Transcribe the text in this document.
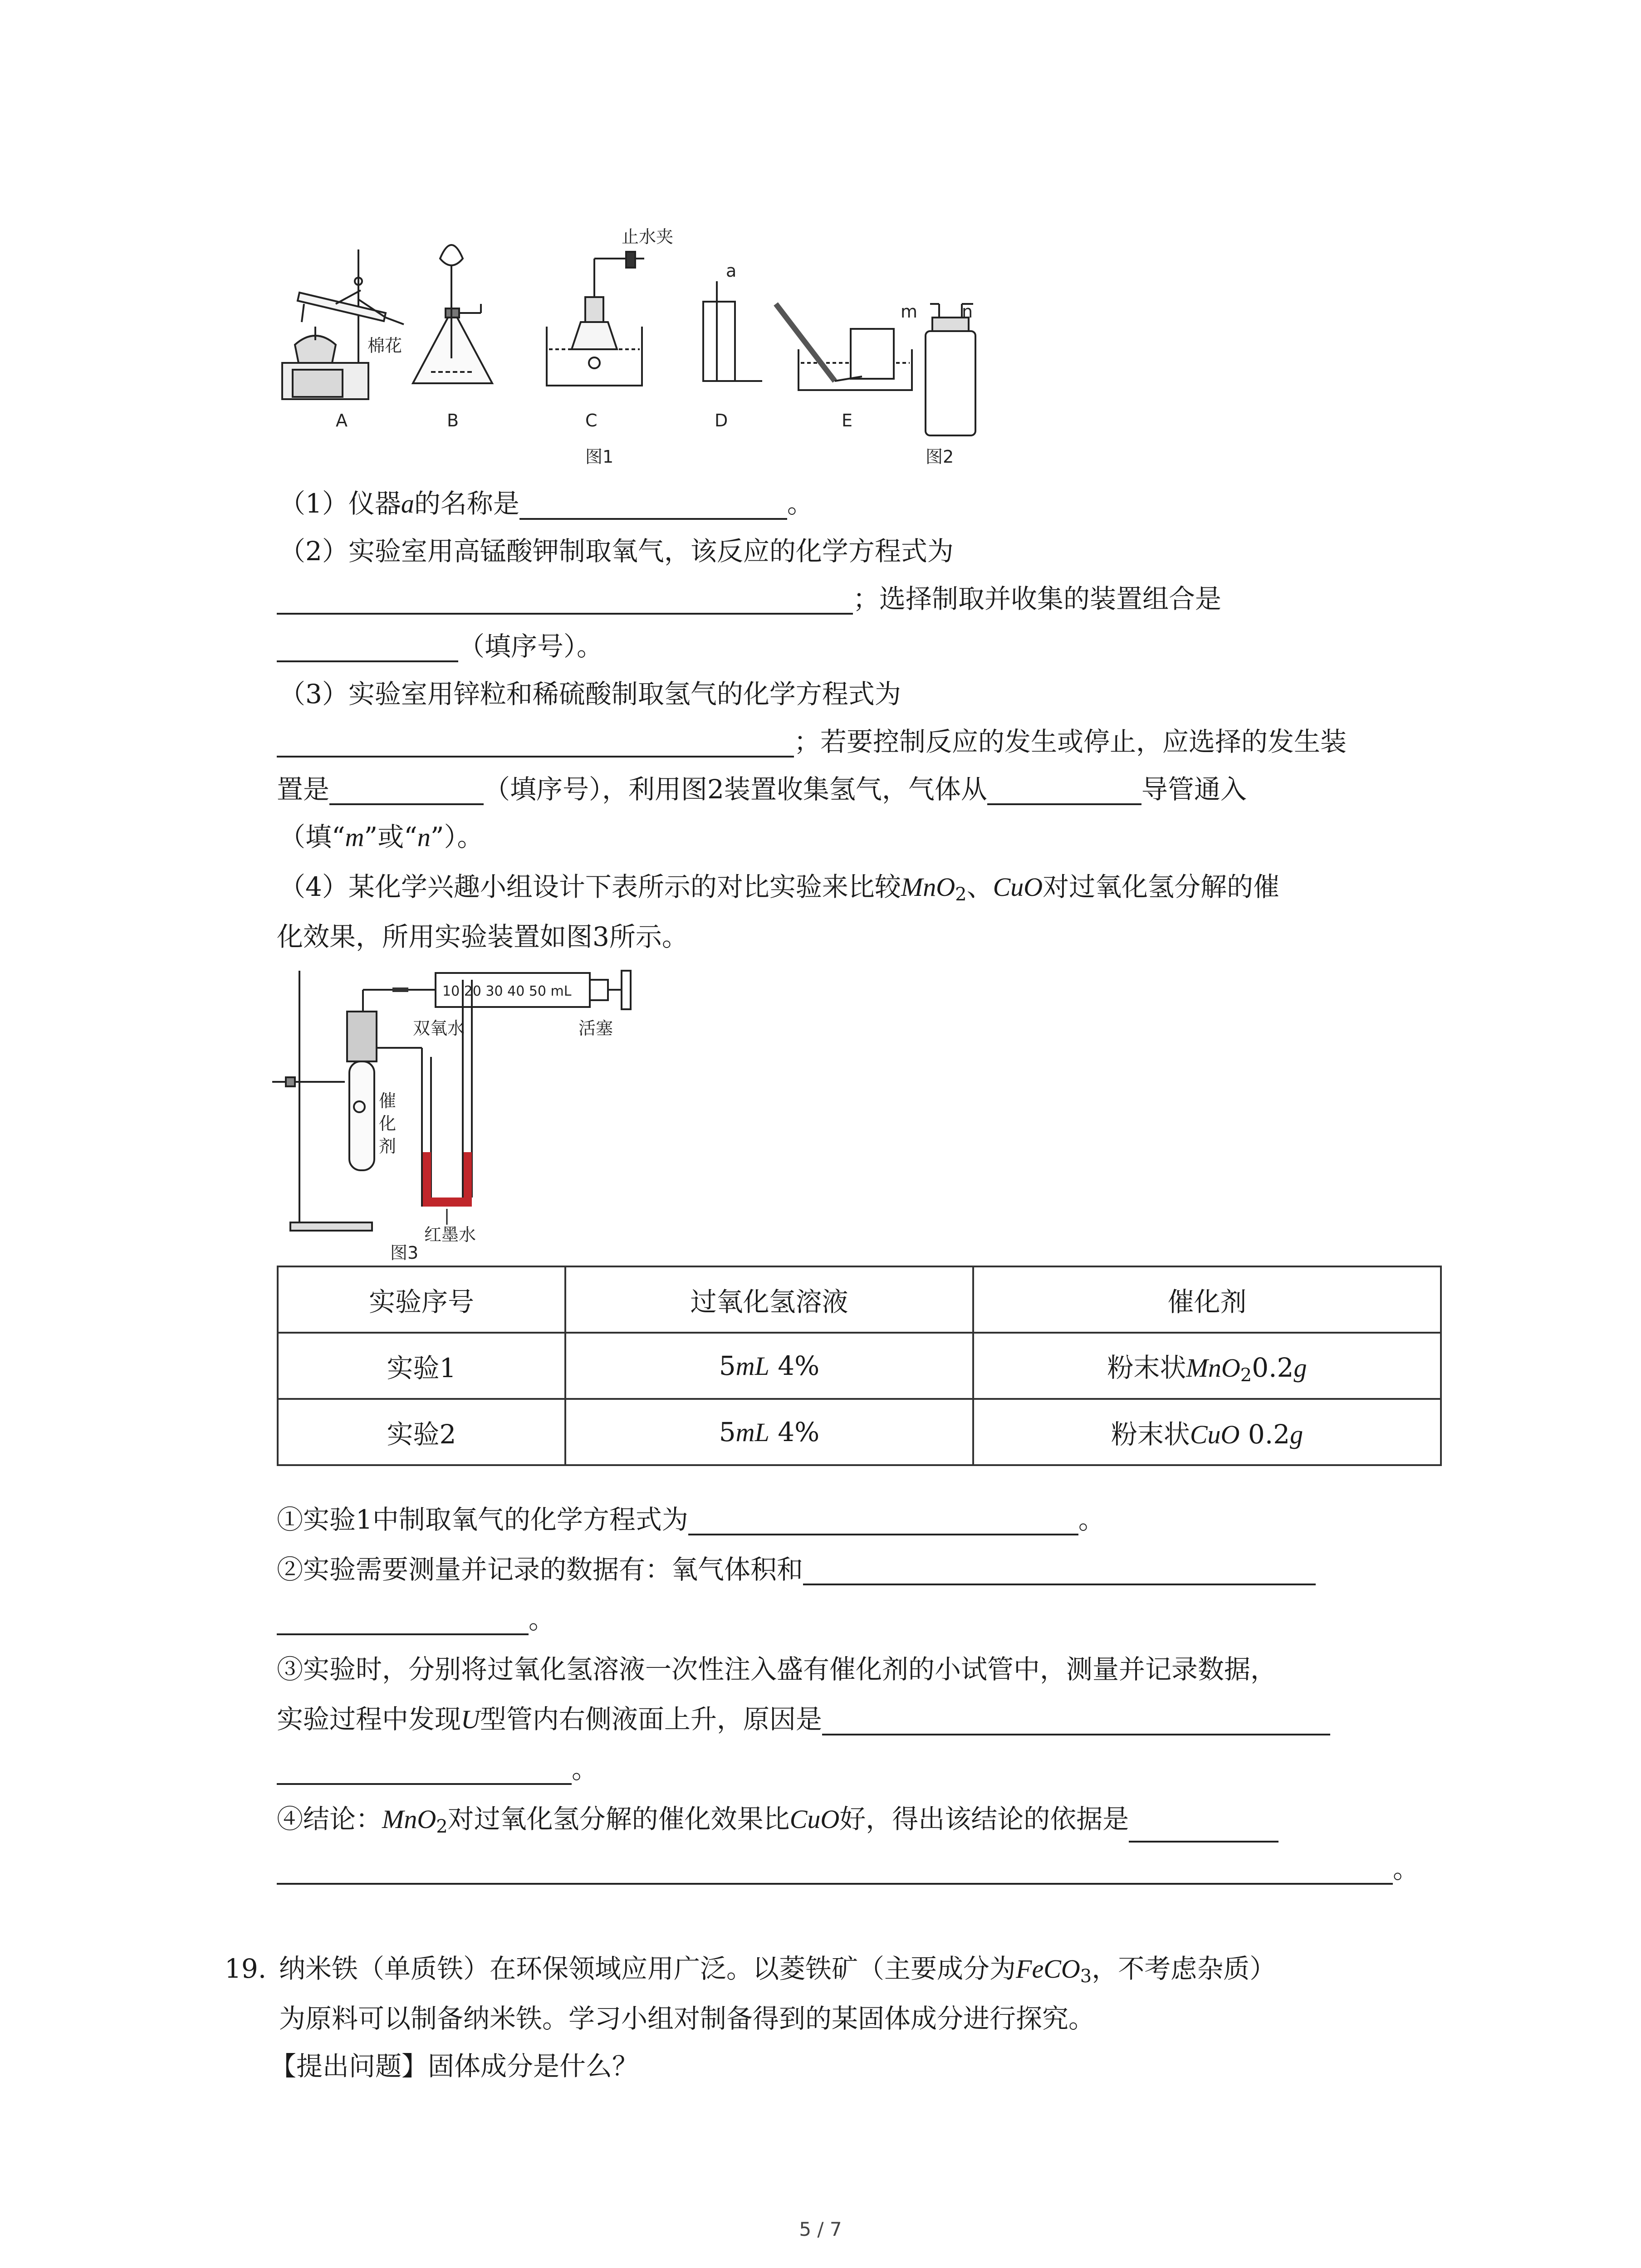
止水夹
棉花
a
A	B	C	D	E
图1
m	n
图2
（1）仪器a的名称是	。
（2）实验室用高锰酸钾制取氧气，该反应的化学方程式为
；选择制取并收集的装置组合是
（填序号）。
（3）实验室用锌粒和稀硫酸制取氢气的化学方程式为
；若要控制反应的发生或停止，应选择的发生装
置是	（填序号），利用图2装置收集氢气，气体从	导管通入
（填“m”或“n”）。
（4）某化学兴趣小组设计下表所示的对比实验来比较MnO$_2$、CuO对过氧化氢分解的催
化效果，所用实验装置如图3所示。
10 20 30 40 50 mL
双氧水	活塞
催
化
剂
红墨水
图3
实验序号	过氧化氢溶液	催化剂
实验1	5mL 4%	粉末状MnO$_2$0.2g
实验2	5mL 4%	粉末状CuO 0.2g
①实验1中制取氧气的化学方程式为	。
②实验需要测量并记录的数据有：氧气体积和
。
③实验时，分别将过氧化氢溶液一次性注入盛有催化剂的小试管中，测量并记录数据，
实验过程中发现U型管内右侧液面上升，原因是
。
④结论：MnO$_2$对过氧化氢分解的催化效果比CuO好，得出该结论的依据是
。
19. 纳米铁（单质铁）在环保领域应用广泛。以菱铁矿（主要成分为FeCO$_3$，不考虑杂质）
为原料可以制备纳米铁。学习小组对制备得到的某固体成分进行探究。
【提出问题】固体成分是什么？
5 / 7
